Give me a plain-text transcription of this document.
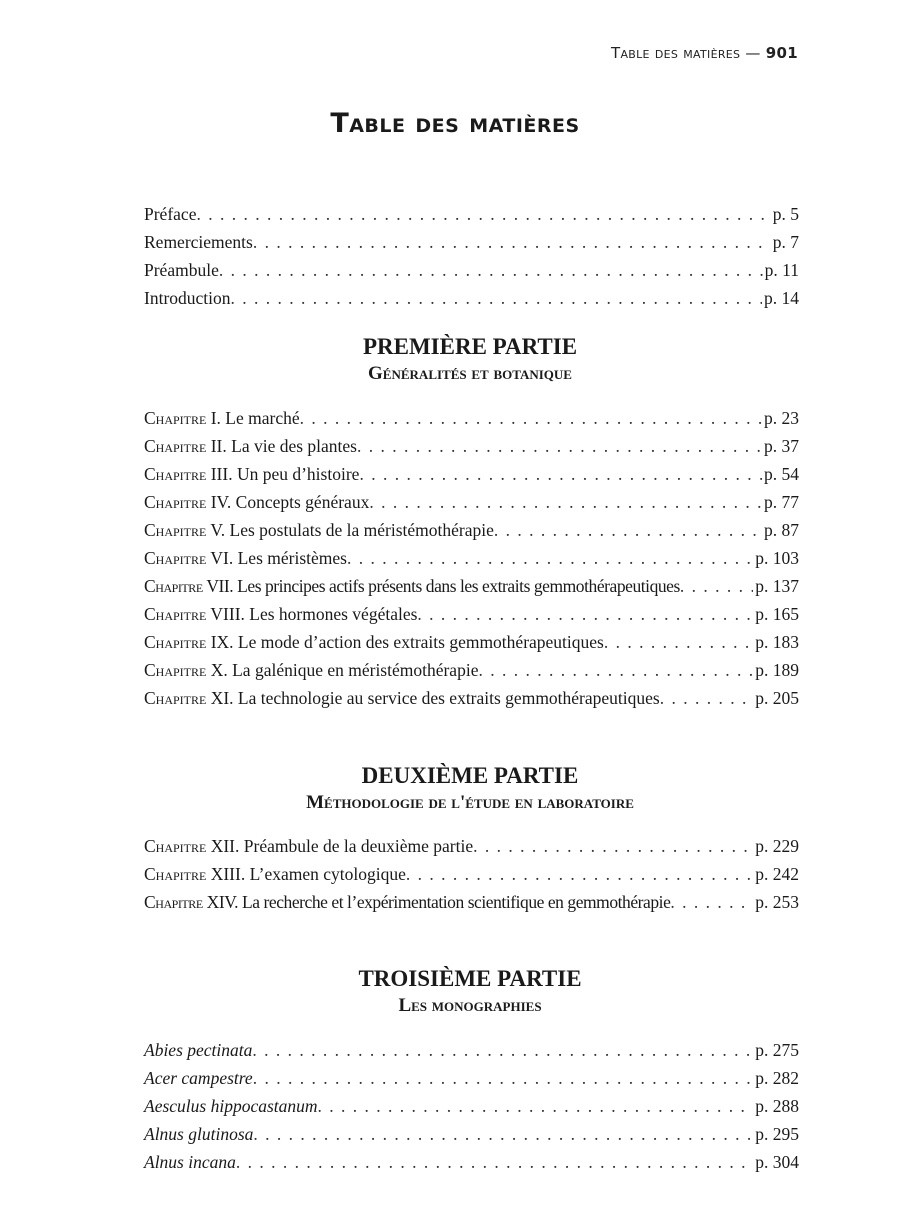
Table des matières — 901
Table des matières
Préface . . .	p. 5
Remerciements . . .	p. 7
Préambule . . .	p. 11
Introduction . . .	p. 14
PREMIÈRE PARTIE
Généralités et botanique
Chapitre I. Le marché . . .	p. 23
Chapitre II. La vie des plantes . . .	p. 37
Chapitre III. Un peu d’histoire . . .	p. 54
Chapitre IV. Concepts généraux . . .	p. 77
Chapitre V. Les postulats de la méristémothérapie . . .	p. 87
Chapitre VI. Les méristèmes . . .	p. 103
Chapitre VII. Les principes actifs présents dans les extraits gemmothérapeutiques . . .	p. 137
Chapitre VIII. Les hormones végétales . . .	p. 165
Chapitre IX. Le mode d’action des extraits gemmothérapeutiques . . .	p. 183
Chapitre X. La galénique en méristémothérapie . . .	p. 189
Chapitre XI. La technologie au service des extraits gemmothérapeutiques . . .	p. 205
DEUXIÈME PARTIE
Méthodologie de l'étude en laboratoire
Chapitre XII. Préambule de la deuxième partie . . .	p. 229
Chapitre XIII. L’examen cytologique . . .	p. 242
Chapitre XIV. La recherche et l’expérimentation scientifique en gemmothérapie . . .	p. 253
TROISIÈME PARTIE
Les monographies
Abies pectinata . . .	p. 275
Acer campestre . . .	p. 282
Aesculus hippocastanum . . .	p. 288
Alnus glutinosa . . .	p. 295
Alnus incana . . .	p. 304
